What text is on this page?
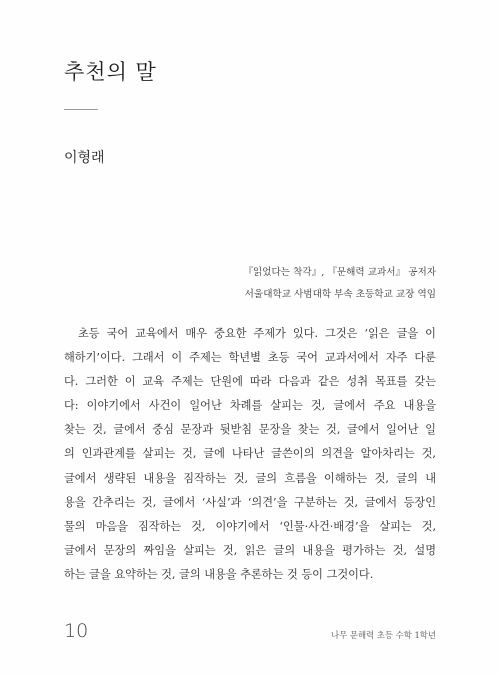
추천의 말
이형래
『읽었다는 착각』, 『문해력 교과서』 공저자
서울대학교 사범대학 부속 초등학교 교장 역임
초등 국어 교육에서 매우 중요한 주제가 있다. 그것은 ‘읽은 글을 이
해하기’이다. 그래서 이 주제는 학년별 초등 국어 교과서에서 자주 다룬
다. 그러한 이 교육 주제는 단원에 따라 다음과 같은 성취 목표를 갖는
다: 이야기에서 사건이 일어난 차례를 살피는 것, 글에서 주요 내용을
찾는 것, 글에서 중심 문장과 뒷받침 문장을 찾는 것, 글에서 일어난 일
의 인과관계를 살피는 것, 글에 나타난 글쓴이의 의견을 알아차리는 것,
글에서 생략된 내용을 짐작하는 것, 글의 흐름을 이해하는 것, 글의 내
용을 간추리는 것, 글에서 ‘사실’과 ‘의견’을 구분하는 것, 글에서 등장인
물의 마음을 짐작하는 것, 이야기에서 ‘인물·사건·배경’을 살피는 것,
글에서 문장의 짜임을 살피는 것, 읽은 글의 내용을 평가하는 것, 설명
하는 글을 요약하는 것, 글의 내용을 추론하는 것 등이 그것이다.
10	나무 문해력 초등 수학 1학년
